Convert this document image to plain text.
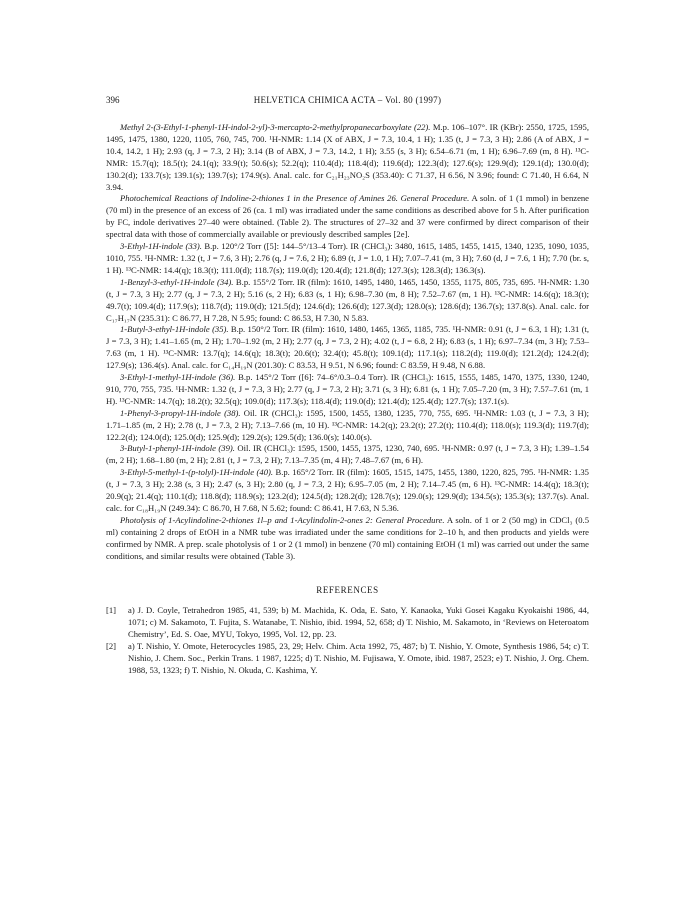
396	HELVETICA CHIMICA ACTA – Vol. 80 (1997)

Methyl 2-(3-Ethyl-1-phenyl-1H-indol-2-yl)-3-mercapto-2-methylpropanecarboxylate (22). M.p. 106–107°. IR (KBr): 2550, 1725, 1595, 1495, 1475, 1380, 1220, 1105, 760, 745, 700. ¹H-NMR: 1.14 (X of ABX, J = 7.3, 10.4, 1 H); 1.35 (t, J = 7.3, 3 H); 2.86 (A of ABX, J = 10.4, 14.2, 1 H); 2.93 (q, J = 7.3, 2 H); 3.14 (B of ABX, J = 7.3, 14.2, 1 H); 3.55 (s, 3 H); 6.54–6.71 (m, 1 H); 6.96–7.69 (m, 8 H). ¹³C-NMR: 15.7(q); 18.5(t); 24.1(q); 33.9(t); 50.6(s); 52.2(q); 110.4(d); 118.4(d); 119.6(d); 122.3(d); 127.6(s); 129.9(d); 129.1(d); 130.0(d); 130.2(d); 133.7(s); 139.1(s); 139.7(s); 174.9(s). Anal. calc. for C₂₁H₂₃NO₂S (353.40): C 71.37, H 6.56, N 3.96; found: C 71.40, H 6.64, N 3.94.

Photochemical Reactions of Indoline-2-thiones 1 in the Presence of Amines 26. General Procedure. A soln. of 1 (1 mmol) in benzene (70 ml) in the presence of an excess of 26 (ca. 1 ml) was irradiated under the same conditions as described above for 5 h. After purification by FC, indole derivatives 27–40 were obtained. (Table 2). The structures of 27–32 and 37 were confirmed by direct comparison of their spectral data with those of commercially available or previously described samples [2e].

3-Ethyl-1H-indole (33). B.p. 120°/2 Torr ([5]: 144–5°/13–4 Torr). IR (CHCl₃): 3480, 1615, 1485, 1455, 1415, 1340, 1235, 1090, 1035, 1010, 755. ¹H-NMR: 1.32 (t, J = 7.6, 3 H); 2.76 (q, J = 7.6, 2 H); 6.89 (t, J = 1.0, 1 H); 7.07–7.41 (m, 3 H); 7.60 (d, J = 7.6, 1 H); 7.70 (br. s, 1 H). ¹³C-NMR: 14.4(q); 18.3(t); 111.0(d); 118.7(s); 119.0(d); 120.4(d); 121.8(d); 127.3(s); 128.3(d); 136.3(s).

1-Benzyl-3-ethyl-1H-indole (34). B.p. 155°/2 Torr. IR (film): 1610, 1495, 1480, 1465, 1450, 1355, 1175, 805, 735, 695. ¹H-NMR: 1.30 (t, J = 7.3, 3 H); 2.77 (q, J = 7.3, 2 H); 5.16 (s, 2 H); 6.83 (s, 1 H); 6.98–7.30 (m, 8 H); 7.52–7.67 (m, 1 H). ¹³C-NMR: 14.6(q); 18.3(t); 49.7(t); 109.4(d); 117.9(s); 118.7(d); 119.0(d); 121.5(d); 124.6(d); 126.6(d); 127.3(d); 128.0(s); 128.6(d); 136.7(s); 137.8(s). Anal. calc. for C₁₇H₁₇N (235.31): C 86.77, H 7.28, N 5.95; found: C 86.53, H 7.30, N 5.83.

1-Butyl-3-ethyl-1H-indole (35). B.p. 150°/2 Torr. IR (film): 1610, 1480, 1465, 1365, 1185, 735. ¹H-NMR: 0.91 (t, J = 6.3, 1 H); 1.31 (t, J = 7.3, 3 H); 1.41–1.65 (m, 2 H); 1.70–1.92 (m, 2 H); 2.77 (q, J = 7.3, 2 H); 4.02 (t, J = 6.8, 2 H); 6.83 (s, 1 H); 6.97–7.34 (m, 3 H); 7.53–7.63 (m, 1 H). ¹³C-NMR: 13.7(q); 14.6(q); 18.3(t); 20.6(t); 32.4(t); 45.8(t); 109.1(d); 117.1(s); 118.2(d); 119.0(d); 121.2(d); 124.2(d); 127.9(s); 136.4(s). Anal. calc. for C₁₄H₁₉N (201.30): C 83.53, H 9.51, N 6.96; found: C 83.59, H 9.48, N 6.88.

3-Ethyl-1-methyl-1H-indole (36). B.p. 145°/2 Torr ([6]: 74–6°/0.3–0.4 Torr). IR (CHCl₃): 1615, 1555, 1485, 1470, 1375, 1330, 1240, 910, 770, 755, 735. ¹H-NMR: 1.32 (t, J = 7.3, 3 H); 2.77 (q, J = 7.3, 2 H); 3.71 (s, 3 H); 6.81 (s, 1 H); 7.05–7.20 (m, 3 H); 7.57–7.61 (m, 1 H). ¹³C-NMR: 14.7(q); 18.2(t); 32.5(q); 109.0(d); 117.3(s); 118.4(d); 119.0(d); 121.4(d); 125.4(d); 127.7(s); 137.1(s).

1-Phenyl-3-propyl-1H-indole (38). Oil. IR (CHCl₃): 1595, 1500, 1455, 1380, 1235, 770, 755, 695. ¹H-NMR: 1.03 (t, J = 7.3, 3 H); 1.71–1.85 (m, 2 H); 2.78 (t, J = 7.3, 2 H); 7.13–7.66 (m, 10 H). ¹³C-NMR: 14.2(q); 23.2(t); 27.2(t); 110.4(d); 118.0(s); 119.3(d); 119.7(d); 122.2(d); 124.0(d); 125.0(d); 125.9(d); 129.2(s); 129.5(d); 136.0(s); 140.0(s).

3-Butyl-1-phenyl-1H-indole (39). Oil. IR (CHCl₃): 1595, 1500, 1455, 1375, 1230, 740, 695. ¹H-NMR: 0.97 (t, J = 7.3, 3 H); 1.39–1.54 (m, 2 H); 1.68–1.80 (m, 2 H); 2.81 (t, J = 7.3, 2 H); 7.13–7.35 (m, 4 H); 7.48–7.67 (m, 6 H).

3-Ethyl-5-methyl-1-(p-tolyl)-1H-indole (40). B.p. 165°/2 Torr. IR (film): 1605, 1515, 1475, 1455, 1380, 1220, 825, 795. ¹H-NMR: 1.35 (t, J = 7.3, 3 H); 2.38 (s, 3 H); 2.47 (s, 3 H); 2.80 (q, J = 7.3, 2 H); 6.95–7.05 (m, 2 H); 7.14–7.45 (m, 6 H). ¹³C-NMR: 14.4(q); 18.3(t); 20.9(q); 21.4(q); 110.1(d); 118.8(d); 118.9(s); 123.2(d); 124.5(d); 128.2(d); 128.7(s); 129.0(s); 129.9(d); 134.5(s); 135.3(s); 137.7(s). Anal. calc. for C₁₈H₁₉N (249.34): C 86.70, H 7.68, N 5.62; found: C 86.41, H 7.63, N 5.36.

Photolysis of 1-Acylindoline-2-thiones 1l–p and 1-Acylindolin-2-ones 2: General Procedure. A soln. of 1 or 2 (50 mg) in CDCl₃ (0.5 ml) containing 2 drops of EtOH in a NMR tube was irradiated under the same conditions for 2–10 h, and then products and yields were confirmed by NMR. A prep. scale photolysis of 1 or 2 (1 mmol) in benzene (70 ml) containing EtOH (1 ml) was carried out under the same conditions, and similar results were obtained (Table 3).

REFERENCES
[1] a) J. D. Coyle, Tetrahedron 1985, 41, 539; b) M. Machida, K. Oda, E. Sato, Y. Kanaoka, Yuki Gosei Kagaku Kyokaishi 1986, 44, 1071; c) M. Sakamoto, T. Fujita, S. Watanabe, T. Nishio, ibid. 1994, 52, 658; d) T. Nishio, M. Sakamoto, in ‘Reviews on Heteroatom Chemistry’, Ed. S. Oae, MYU, Tokyo, 1995, Vol. 12, pp. 23.
[2] a) T. Nishio, Y. Omote, Heterocycles 1985, 23, 29; Helv. Chim. Acta 1992, 75, 487; b) T. Nishio, Y. Omote, Synthesis 1986, 54; c) T. Nishio, J. Chem. Soc., Perkin Trans. 1 1987, 1225; d) T. Nishio, M. Fujisawa, Y. Omote, ibid. 1987, 2523; e) T. Nishio, J. Org. Chem. 1988, 53, 1323; f) T. Nishio, N. Okuda, C. Kashima, Y.
